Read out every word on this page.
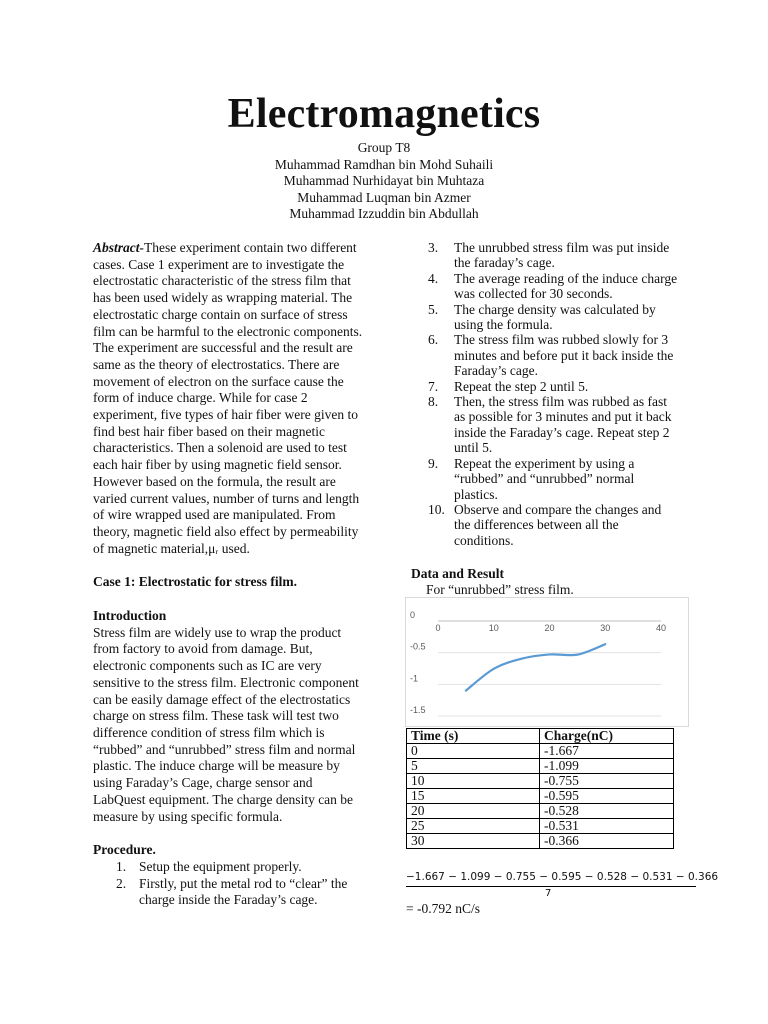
Electromagnetics
Group T8
Muhammad Ramdhan bin Mohd Suhaili
Muhammad Nurhidayat bin Muhtaza
Muhammad Luqman bin Azmer
Muhammad Izzuddin bin Abdullah

Abstract-These experiment contain two different cases. Case 1 experiment are to investigate the electrostatic characteristic of the stress film that has been used widely as wrapping material. The electrostatic charge contain on surface of stress film can be harmful to the electronic components. The experiment are successful and the result are same as the theory of electrostatics. There are movement of electron on the surface cause the form of induce charge. While for case 2 experiment, five types of hair fiber were given to find best hair fiber based on their magnetic characteristics. Then a solenoid are used to test each hair fiber by using magnetic field sensor. However based on the formula, the result are varied current values, number of turns and length of wire wrapped used are manipulated. From theory, magnetic field also effect by permeability of magnetic material,μᵣ used.

Case 1: Electrostatic for stress film.

Introduction

Stress film are widely use to wrap the product from factory to avoid from damage. But, electronic components such as IC are very sensitive to the stress film. Electronic component can be easily damage effect of the electrostatics charge on stress film. These task will test two difference condition of stress film which is “rubbed” and “unrubbed” stress film and normal plastic. The induce charge will be measure by using Faraday’s Cage, charge sensor and LabQuest equipment. The charge density can be measure by using specific formula.

Procedure.

1. Setup the equipment properly.
2. Firstly, put the metal rod to “clear” the charge inside the Faraday’s cage.
3. The unrubbed stress film was put inside the faraday’s cage.
4. The average reading of the induce charge was collected for 30 seconds.
5. The charge density was calculated by using the formula.
6. The stress film was rubbed slowly for 3 minutes and before put it back inside the Faraday’s cage.
7. Repeat the step 2 until 5.
8. Then, the stress film was rubbed as fast as possible for 3 minutes and put it back inside the Faraday’s cage. Repeat step 2 until 5.
9. Repeat the experiment by using a “rubbed” and “unrubbed” normal plastics.
10. Observe and compare the changes and the differences between all the conditions.
Data and Result
For “unrubbed” stress film.
0
-0.5
-1
-1.5
0	10	20	30	40
Time (s)	Charge(nC)
0	-1.667
5	-1.099
10	-0.755
15	-0.595
20	-0.528
25	-0.531
30	-0.366
−1.667 − 1.099 − 0.755 − 0.595 − 0.528 − 0.531 − 0.366
7
= -0.792 nC/s
